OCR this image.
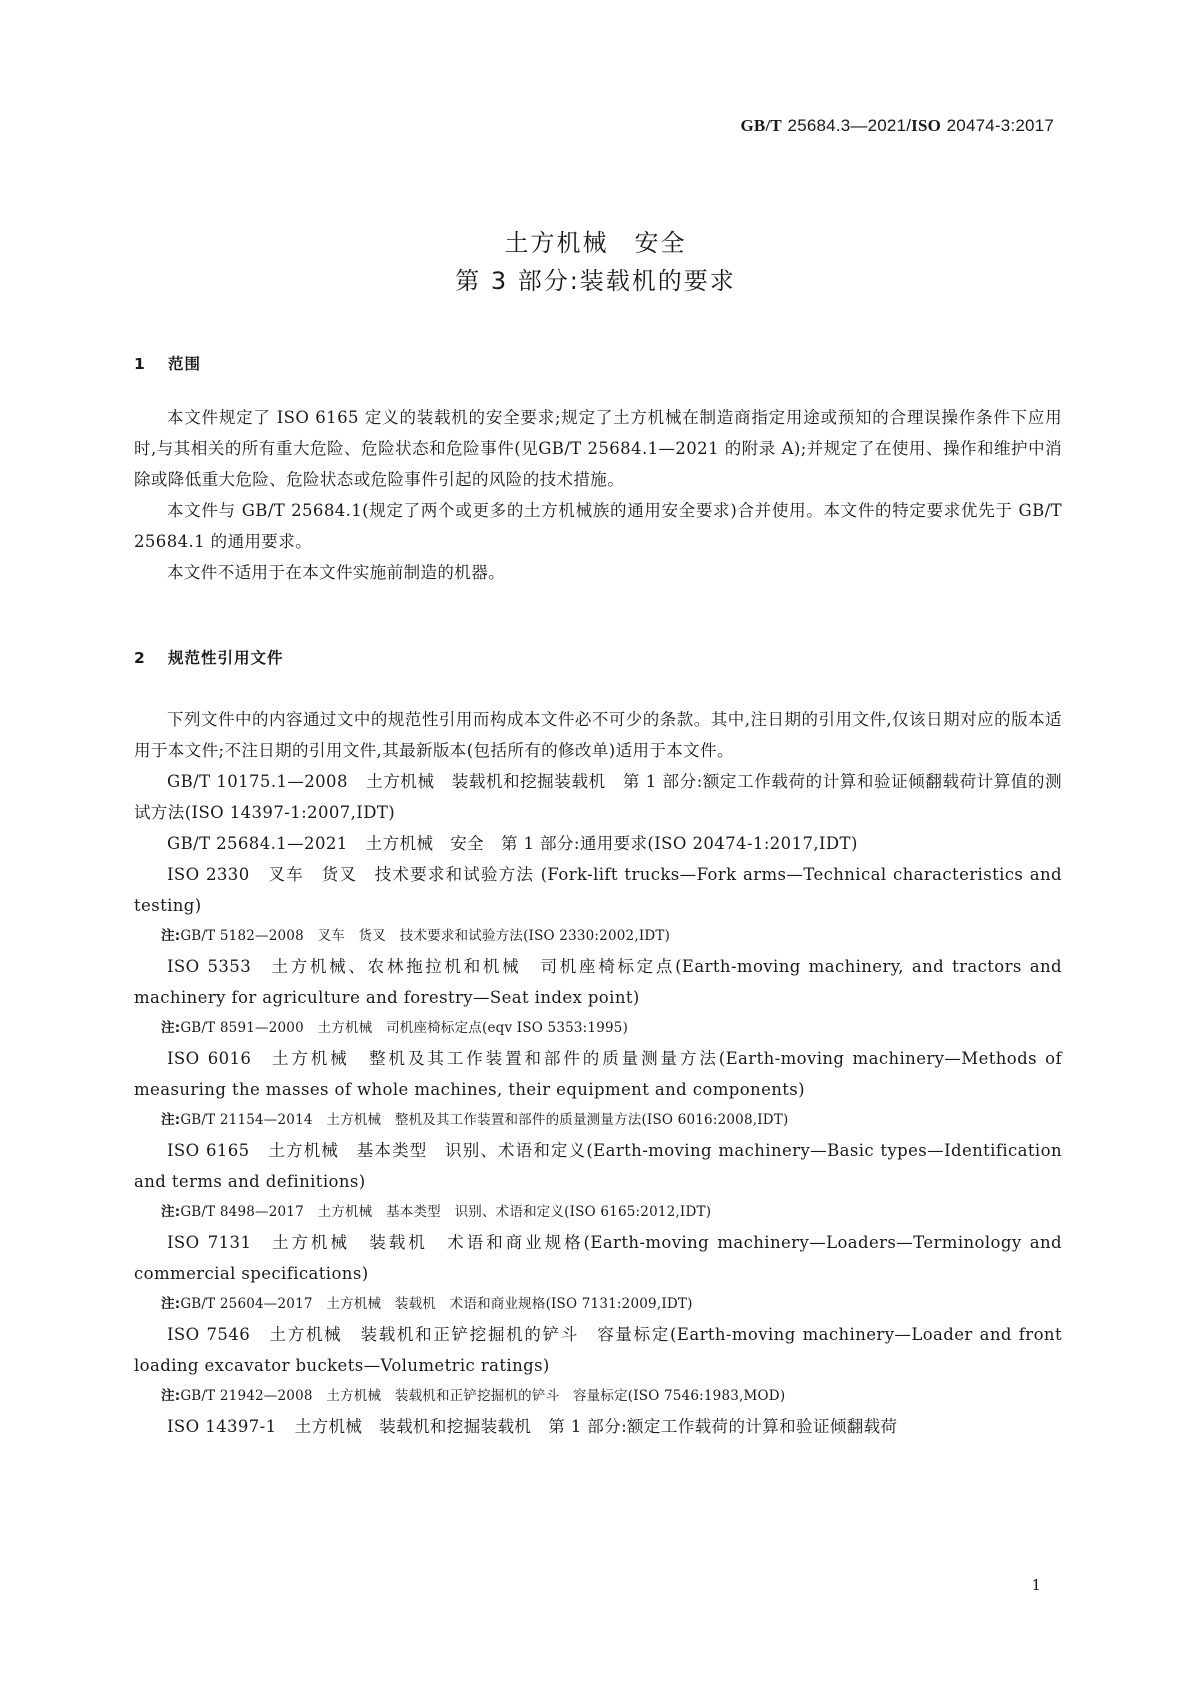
GB/T 25684.3—2021/ISO 20474-3:2017
土方机械　安全
第 3 部分:装载机的要求
1 范围

本文件规定了 ISO 6165 定义的装载机的安全要求;规定了土方机械在制造商指定用途或预知的合理误操作条件下应用时,与其相关的所有重大危险、危险状态和危险事件(见GB/T 25684.1—2021 的附录 A);并规定了在使用、操作和维护中消除或降低重大危险、危险状态或危险事件引起的风险的技术措施。

本文件与 GB/T 25684.1(规定了两个或更多的土方机械族的通用安全要求)合并使用。本文件的特定要求优先于 GB/T 25684.1 的通用要求。

本文件不适用于在本文件实施前制造的机器。

2 规范性引用文件

下列文件中的内容通过文中的规范性引用而构成本文件必不可少的条款。其中,注日期的引用文件,仅该日期对应的版本适用于本文件;不注日期的引用文件,其最新版本(包括所有的修改单)适用于本文件。

GB/T 10175.1—2008 土方机械　装载机和挖掘装载机　第 1 部分:额定工作载荷的计算和验证倾翻载荷计算值的测试方法(ISO 14397-1:2007,IDT)

GB/T 25684.1—2021 土方机械　安全　第 1 部分:通用要求(ISO 20474-1:2017,IDT)

ISO 2330 叉车　货叉　技术要求和试验方法 (Fork-lift trucks—Fork arms—Technical characteristics and testing)

注:GB/T 5182—2008　叉车　货叉　技术要求和试验方法(ISO 2330:2002,IDT)

ISO 5353 土方机械、农林拖拉机和机械　司机座椅标定点(Earth-moving machinery, and tractors and machinery for agriculture and forestry—Seat index point)

注:GB/T 8591—2000　土方机械　司机座椅标定点(eqv ISO 5353:1995)

ISO 6016 土方机械　整机及其工作装置和部件的质量测量方法(Earth-moving machinery—Methods of measuring the masses of whole machines, their equipment and components)

注:GB/T 21154—2014　土方机械　整机及其工作装置和部件的质量测量方法(ISO 6016:2008,IDT)

ISO 6165 土方机械　基本类型　识别、术语和定义(Earth-moving machinery—Basic types—Identification and terms and definitions)

注:GB/T 8498—2017　土方机械　基本类型　识别、术语和定义(ISO 6165:2012,IDT)

ISO 7131 土方机械　装载机　术语和商业规格(Earth-moving machinery—Loaders—Terminology and commercial specifications)

注:GB/T 25604—2017　土方机械　装载机　术语和商业规格(ISO 7131:2009,IDT)

ISO 7546 土方机械　装载机和正铲挖掘机的铲斗　容量标定(Earth-moving machinery—Loader and front loading excavator buckets—Volumetric ratings)

注:GB/T 21942—2008　土方机械　装载机和正铲挖掘机的铲斗　容量标定(ISO 7546:1983,MOD)

ISO 14397-1 土方机械　装载机和挖掘装载机　第 1 部分:额定工作载荷的计算和验证倾翻载荷

1
